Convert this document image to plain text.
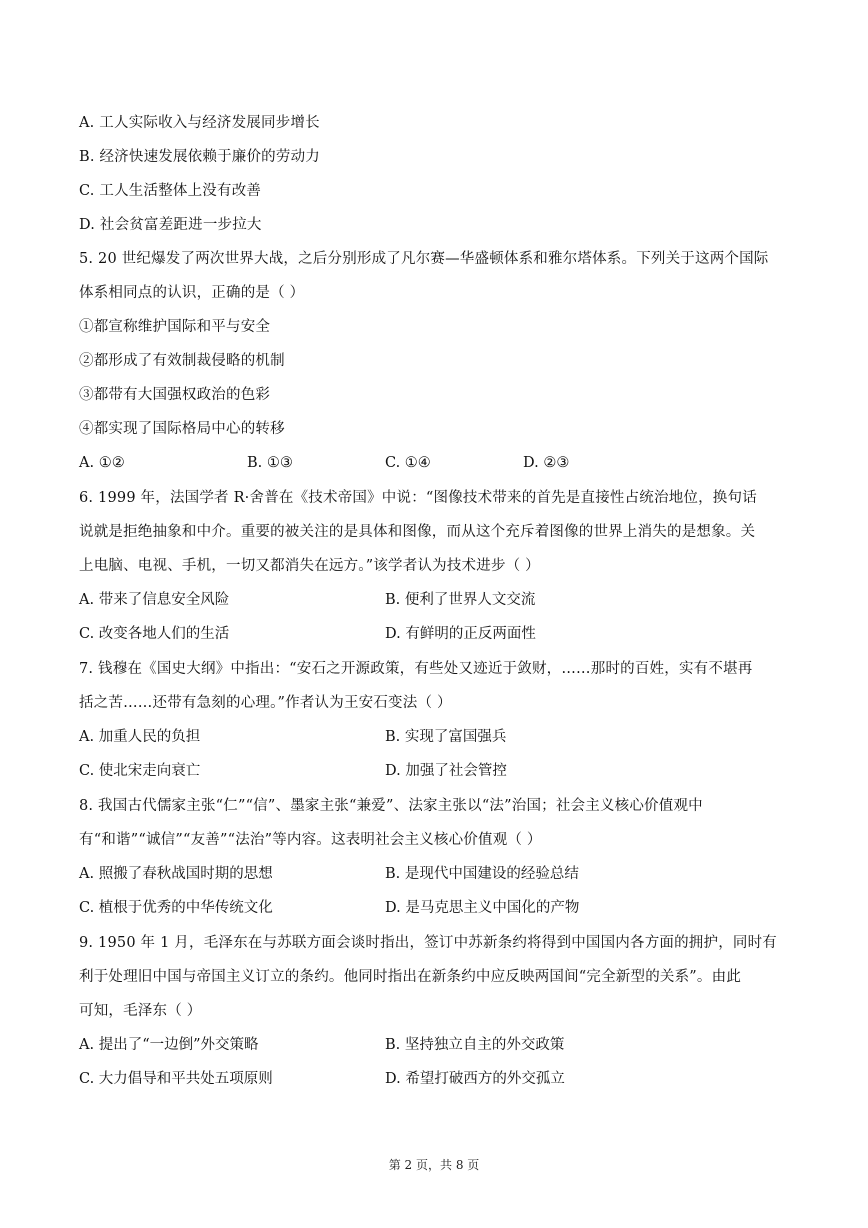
A. 工人实际收入与经济发展同步增长
B. 经济快速发展依赖于廉价的劳动力
C. 工人生活整体上没有改善
D. 社会贫富差距进一步拉大
5. 20 世纪爆发了两次世界大战，之后分别形成了凡尔赛—华盛顿体系和雅尔塔体系。下列关于这两个国际
体系相同点的认识，正确的是（ ）
①都宣称维护国际和平与安全
②都形成了有效制裁侵略的机制
③都带有大国强权政治的色彩
④都实现了国际格局中心的转移
A. ①②	B. ①③	C. ①④	D. ②③
6. 1999 年，法国学者 R·舍普在《技术帝国》中说：“图像技术带来的首先是直接性占统治地位，换句话
说就是拒绝抽象和中介。重要的被关注的是具体和图像，而从这个充斥着图像的世界上消失的是想象。关
上电脑、电视、手机，一切又都消失在远方。”该学者认为技术进步（ ）
A. 带来了信息安全风险	B. 便利了世界人文交流
C. 改变各地人们的生活	D. 有鲜明的正反两面性
7. 钱穆在《国史大纲》中指出：“安石之开源政策，有些处又迹近于敛财，……那时的百姓，实有不堪再
括之苦……还带有急刻的心理。”作者认为王安石变法（ ）
A. 加重人民的负担	B. 实现了富国强兵
C. 使北宋走向衰亡	D. 加强了社会管控
8. 我国古代儒家主张“仁”“信”、墨家主张“兼爱”、法家主张以“法”治国；社会主义核心价值观中
有“和谐”“诚信”“友善”“法治”等内容。这表明社会主义核心价值观（ ）
A. 照搬了春秋战国时期的思想	B. 是现代中国建设的经验总结
C. 植根于优秀的中华传统文化	D. 是马克思主义中国化的产物
9. 1950 年 1 月，毛泽东在与苏联方面会谈时指出，签订中苏新条约将得到中国国内各方面的拥护，同时有
利于处理旧中国与帝国主义订立的条约。他同时指出在新条约中应反映两国间“完全新型的关系”。由此
可知，毛泽东（ ）
A. 提出了“一边倒”外交策略	B. 坚持独立自主的外交政策
C. 大力倡导和平共处五项原则	D. 希望打破西方的外交孤立
第 2 页，共 8 页
